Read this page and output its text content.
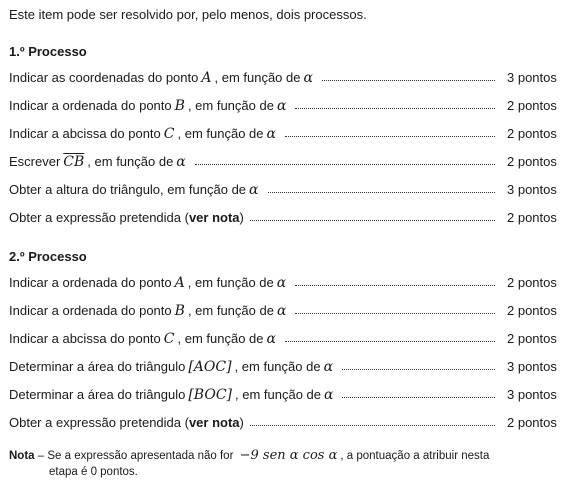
Este item pode ser resolvido por, pelo menos, dois processos.
1.º Processo
Indicar as coordenadas do ponto A , em função de α	3 pontos
Indicar a ordenada do ponto B , em função de α	2 pontos
Indicar a abcissa do ponto C , em função de α	2 pontos
Escrever $\overline{CB}$ , em função de α	2 pontos
Obter a altura do triângulo, em função de α	3 pontos
Obter a expressão pretendida (ver nota)	2 pontos
2.º Processo
Indicar a ordenada do ponto A , em função de α	2 pontos
Indicar a ordenada do ponto B , em função de α	2 pontos
Indicar a abcissa do ponto C , em função de α	2 pontos
Determinar a área do triângulo [AOC] , em função de α	3 pontos
Determinar a área do triângulo [BOC] , em função de α	3 pontos
Obter a expressão pretendida (ver nota)	2 pontos
Nota – Se a expressão apresentada não for −9 sen α cos α , a pontuação a atribuir nesta
etapa é 0 pontos.
